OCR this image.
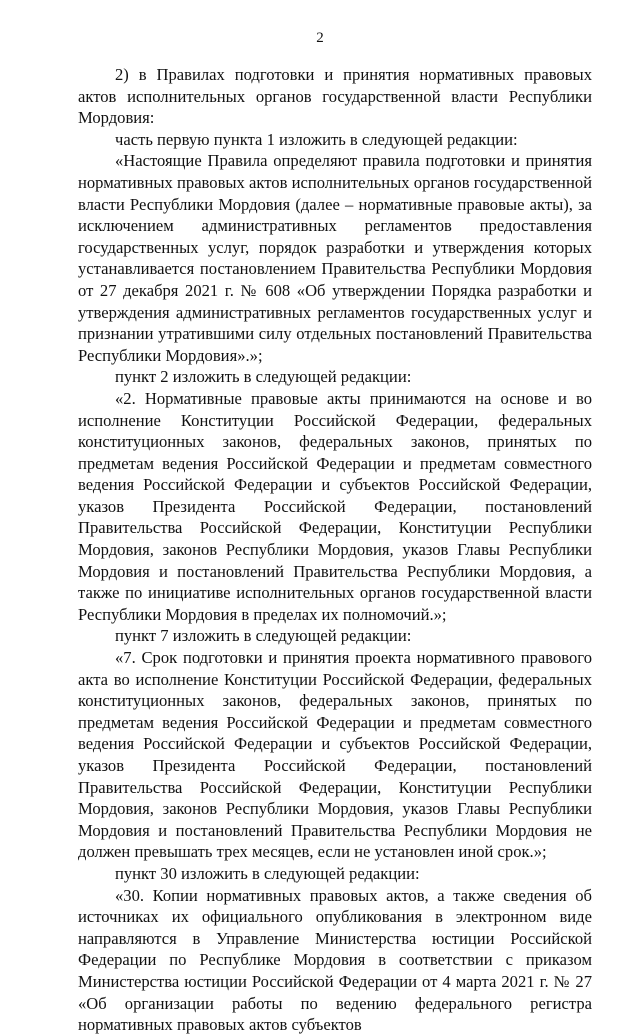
2

2) в Правилах подготовки и принятия нормативных правовых актов исполнительных органов государственной власти Республики Мордовия:

часть первую пункта 1 изложить в следующей редакции:

«Настоящие Правила определяют правила подготовки и принятия нормативных правовых актов исполнительных органов государственной власти Республики Мордовия (далее – нормативные правовые акты), за исключением административных регламентов предоставления государственных услуг, порядок разработки и утверждения которых устанавливается постановлением Правительства Республики Мордовия от 27 декабря 2021 г. № 608 «Об утверждении Порядка разработки и утверждения административных регламентов государственных услуг и признании утратившими силу отдельных постановлений Правительства Республики Мордовия».»;

пункт 2 изложить в следующей редакции:

«2. Нормативные правовые акты принимаются на основе и во исполнение Конституции Российской Федерации, федеральных конституционных законов, федеральных законов, принятых по предметам ведения Российской Федерации и предметам совместного ведения Российской Федерации и субъектов Российской Федерации, указов Президента Российской Федерации, постановлений Правительства Российской Федерации, Конституции Республики Мордовия, законов Республики Мордовия, указов Главы Республики Мордовия и постановлений Правительства Республики Мордовия, а также по инициативе исполнительных органов государственной власти Республики Мордовия в пределах их полномочий.»;

пункт 7 изложить в следующей редакции:

«7. Срок подготовки и принятия проекта нормативного правового акта во исполнение Конституции Российской Федерации, федеральных конституционных законов, федеральных законов, принятых по предметам ведения Российской Федерации и предметам совместного ведения Российской Федерации и субъектов Российской Федерации, указов Президента Российской Федерации, постановлений Правительства Российской Федерации, Конституции Республики Мордовия, законов Республики Мордовия, указов Главы Республики Мордовия и постановлений Правительства Республики Мордовия не должен превышать трех месяцев, если не установлен иной срок.»;

пункт 30 изложить в следующей редакции:

«30. Копии нормативных правовых актов, а также сведения об источниках их официального опубликования в электронном виде направляются в Управление Министерства юстиции Российской Федерации по Республике Мордовия в соответствии с приказом Министерства юстиции Российской Федерации от 4 марта 2021 г. № 27 «Об организации работы по ведению федерального регистра нормативных правовых актов субъектов
